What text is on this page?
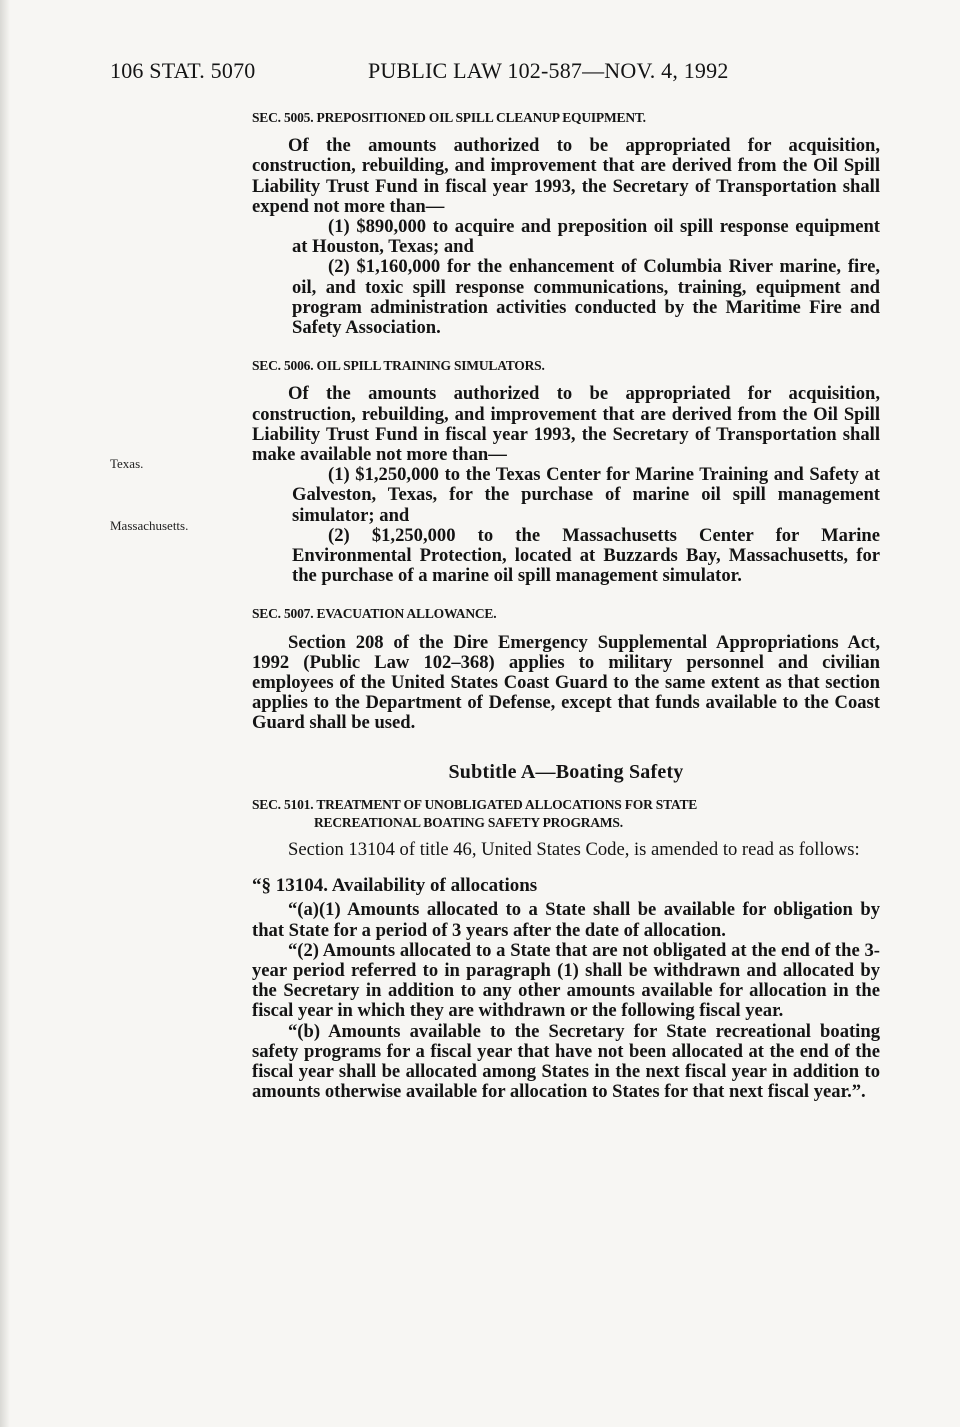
106 STAT. 5070	PUBLIC LAW 102-587—NOV. 4, 1992
Texas.
Massachusetts.
SEC. 5005. PREPOSITIONED OIL SPILL CLEANUP EQUIPMENT.

Of the amounts authorized to be appropriated for acquisition, construction, rebuilding, and improvement that are derived from the Oil Spill Liability Trust Fund in fiscal year 1993, the Secretary of Transportation shall expend not more than—

(1) $890,000 to acquire and preposition oil spill response equipment at Houston, Texas; and

(2) $1,160,000 for the enhancement of Columbia River marine, fire, oil, and toxic spill response communications, training, equipment and program administration activities conducted by the Maritime Fire and Safety Association.

SEC. 5006. OIL SPILL TRAINING SIMULATORS.

Of the amounts authorized to be appropriated for acquisition, construction, rebuilding, and improvement that are derived from the Oil Spill Liability Trust Fund in fiscal year 1993, the Secretary of Transportation shall make available not more than—

(1) $1,250,000 to the Texas Center for Marine Training and Safety at Galveston, Texas, for the purchase of marine oil spill management simulator; and

(2) $1,250,000 to the Massachusetts Center for Marine Environmental Protection, located at Buzzards Bay, Massachusetts, for the purchase of a marine oil spill management simulator.

SEC. 5007. EVACUATION ALLOWANCE.

Section 208 of the Dire Emergency Supplemental Appropriations Act, 1992 (Public Law 102–368) applies to military personnel and civilian employees of the United States Coast Guard to the same extent as that section applies to the Department of Defense, except that funds available to the Coast Guard shall be used.

Subtitle A—Boating Safety
SEC. 5101. TREATMENT OF UNOBLIGATED ALLOCATIONS FOR STATE
RECREATIONAL BOATING SAFETY PROGRAMS.

Section 13104 of title 46, United States Code, is amended to read as follows:

“§ 13104. Availability of allocations

“(a)(1) Amounts allocated to a State shall be available for obligation by that State for a period of 3 years after the date of allocation.

“(2) Amounts allocated to a State that are not obligated at the end of the 3-year period referred to in paragraph (1) shall be withdrawn and allocated by the Secretary in addition to any other amounts available for allocation in the fiscal year in which they are withdrawn or the following fiscal year.

“(b) Amounts available to the Secretary for State recreational boating safety programs for a fiscal year that have not been allocated at the end of the fiscal year shall be allocated among States in the next fiscal year in addition to amounts otherwise available for allocation to States for that next fiscal year.”.
